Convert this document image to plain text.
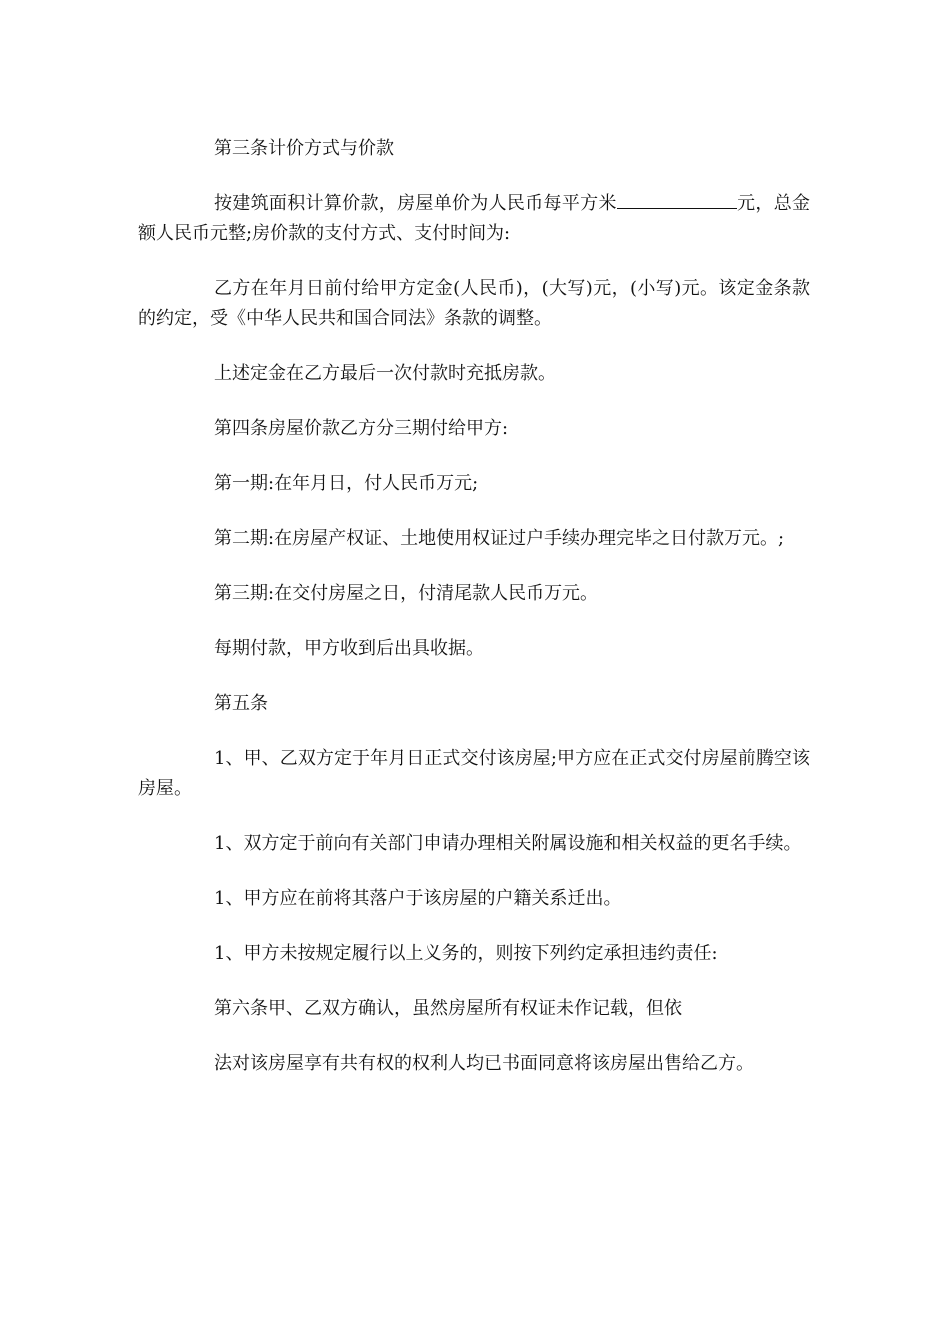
第三条计价方式与价款

按建筑面积计算价款，房屋单价为人民币每平方米	元，总金额人民币元整;房价款的支付方式、支付时间为:

乙方在年月日前付给甲方定金(人民币)，(大写)元，(小写)元。该定金条款的约定，受《中华人民共和国合同法》条款的调整。

上述定金在乙方最后一次付款时充抵房款。

第四条房屋价款乙方分三期付给甲方:

第一期:在年月日，付人民币万元;

第二期:在房屋产权证、土地使用权证过户手续办理完毕之日付款万元。;

第三期:在交付房屋之日，付清尾款人民币万元。

每期付款，甲方收到后出具收据。

第五条

1、甲、乙双方定于年月日正式交付该房屋;甲方应在正式交付房屋前腾空该房屋。

1、双方定于前向有关部门申请办理相关附属设施和相关权益的更名手续。

1、甲方应在前将其落户于该房屋的户籍关系迁出。

1、甲方未按规定履行以上义务的，则按下列约定承担违约责任:

第六条甲、乙双方确认，虽然房屋所有权证未作记载，但依

法对该房屋享有共有权的权利人均已书面同意将该房屋出售给乙方。
